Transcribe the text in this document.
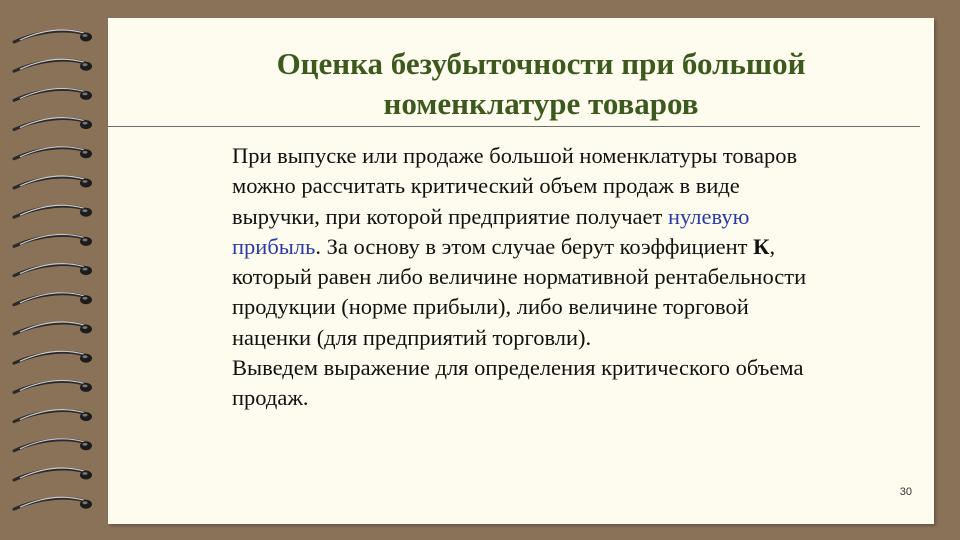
Оценка безубыточности при большой
номенклатуре товаров

При выпуске или продаже большой номенклатуры товаров можно рассчитать критический объем продаж в виде выручки, при которой предприятие получает нулевую прибыль. За основу в этом случае берут коэффициент К, который равен либо величине нормативной рентабельности продукции (норме прибыли), либо величине торговой наценки (для предприятий торговли).

Выведем выражение для определения критического объема продаж.

30
